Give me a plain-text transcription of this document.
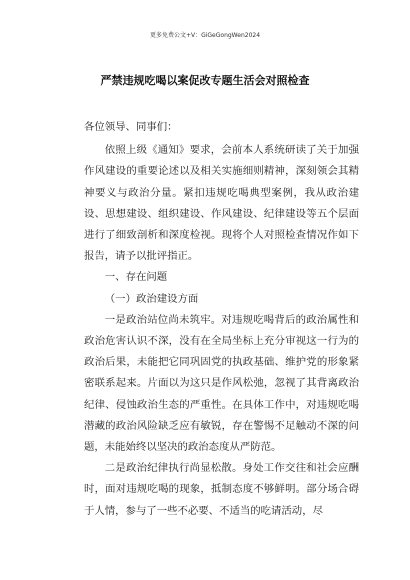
更多免费公文+V：GiGeGongWen2024
严禁违规吃喝以案促改专题生活会对照检查

各位领导、同事们：

依照上级《通知》要求，会前本人系统研读了关于加强作风建设的重要论述以及相关实施细则精神，深刻领会其精神要义与政治分量。紧扣违规吃喝典型案例，我从政治建设、思想建设、组织建设、作风建设、纪律建设等五个层面进行了细致剖析和深度检视。现将个人对照检查情况作如下报告，请予以批评指正。

一、存在问题

（一）政治建设方面

一是政治站位尚未筑牢。对违规吃喝背后的政治属性和政治危害认识不深，没有在全局坐标上充分审视这一行为的政治后果，未能把它同巩固党的执政基础、维护党的形象紧密联系起来。片面以为这只是作风松弛，忽视了其背离政治纪律、侵蚀政治生态的严重性。在具体工作中，对违规吃喝潜藏的政治风险缺乏应有敏锐，存在警惕不足触动不深的问题，未能始终以坚决的政治态度从严防范。

二是政治纪律执行尚显松散。身处工作交往和社会应酬时，面对违规吃喝的现象，抵制态度不够鲜明。部分场合碍于人情，参与了一些不必要、不适当的吃请活动，尽
